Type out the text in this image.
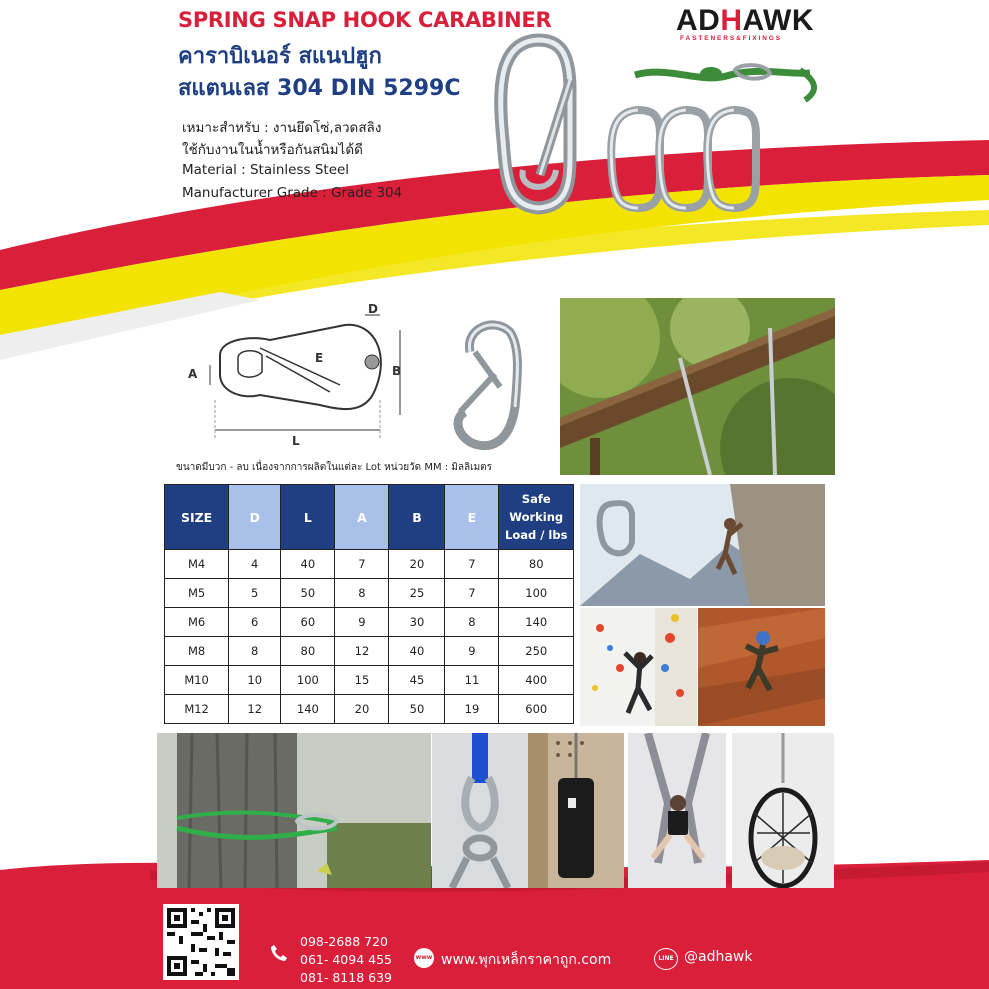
SPRING SNAP HOOK CARABINER
คาราบิเนอร์ สแนปฮูก
สแตนเลส 304 DIN 5299C
ADHAWK
FASTENERS&FIXINGS
เหมาะสำหรับ : งานยึดโซ่,ลวดสลิง
ใช้กับงานในน้ำหรือกันสนิมได้ดี
Material : Stainless Steel
Manufacturer Grade : Grade 304
D
A
E
B
L
ขนาดมีบวก - ลบ เนื่องจากการผลิตในแต่ละ Lot หน่วยวัด MM : มิลลิเมตร
SIZE	D	L	A	B	E	Safe
Working
Load / lbs

M4	4	40	7	20	7	80
M5	5	50	8	25	7	100
M6	6	60	9	30	8	140
M8	8	80	12	40	9	250
M10	10	100	15	45	11	400
M12	12	140	20	50	19	600
098-2688 720
061- 4094 455
081- 8118 639
www www.พุกเหล็กราคาถูก.com	LINE @adhawk
